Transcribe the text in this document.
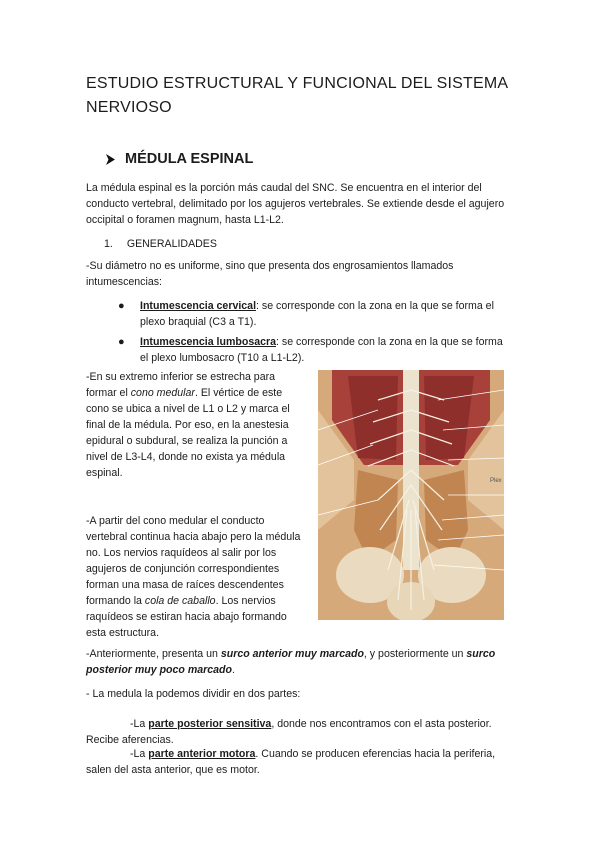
ESTUDIO ESTRUCTURAL Y FUNCIONAL DEL SISTEMA NERVIOSO
MÉDULA ESPINAL

La médula espinal es la porción más caudal del SNC. Se encuentra en el interior del conducto vertebral, delimitado por los agujeros vertebrales. Se extiende desde el agujero occipital o foramen magnum, hasta L1-L2.

1. GENERALIDADES

-Su diámetro no es uniforme, sino que presenta dos engrosamientos llamados intumescencias:

●	Intumescencia cervical: se corresponde con la zona en la que se forma el plexo braquial (C3 a T1).
●	Intumescencia lumbosacra: se corresponde con la zona en la que se forma el plexo lumbosacro (T10 a L1-L2).

-En su extremo inferior se estrecha para formar el cono medular. El vértice de este cono se ubica a nivel de L1 o L2 y marca el final de la médula. Por eso, en la anestesia epidural o subdural, se realiza la punción a nivel de L3-L4, donde no exista ya médula espinal.

-A partir del cono medular el conducto vertebral continua hacia abajo pero la médula no. Los nervios raquídeos al salir por los agujeros de conjunción correspondientes forman una masa de raíces descendentes formando la cola de caballo. Los nervios raquídeos se estiran hacia abajo formando esta estructura.

Plex

-Anteriormente, presenta un surco anterior muy marcado, y posteriormente un surco posterior muy poco marcado.

- La medula la podemos dividir en dos partes:

-La parte posterior sensitiva, donde nos encontramos con el asta posterior. Recibe aferencias.

-La parte anterior motora. Cuando se producen eferencias hacia la periferia, salen del asta anterior, que es motor.
